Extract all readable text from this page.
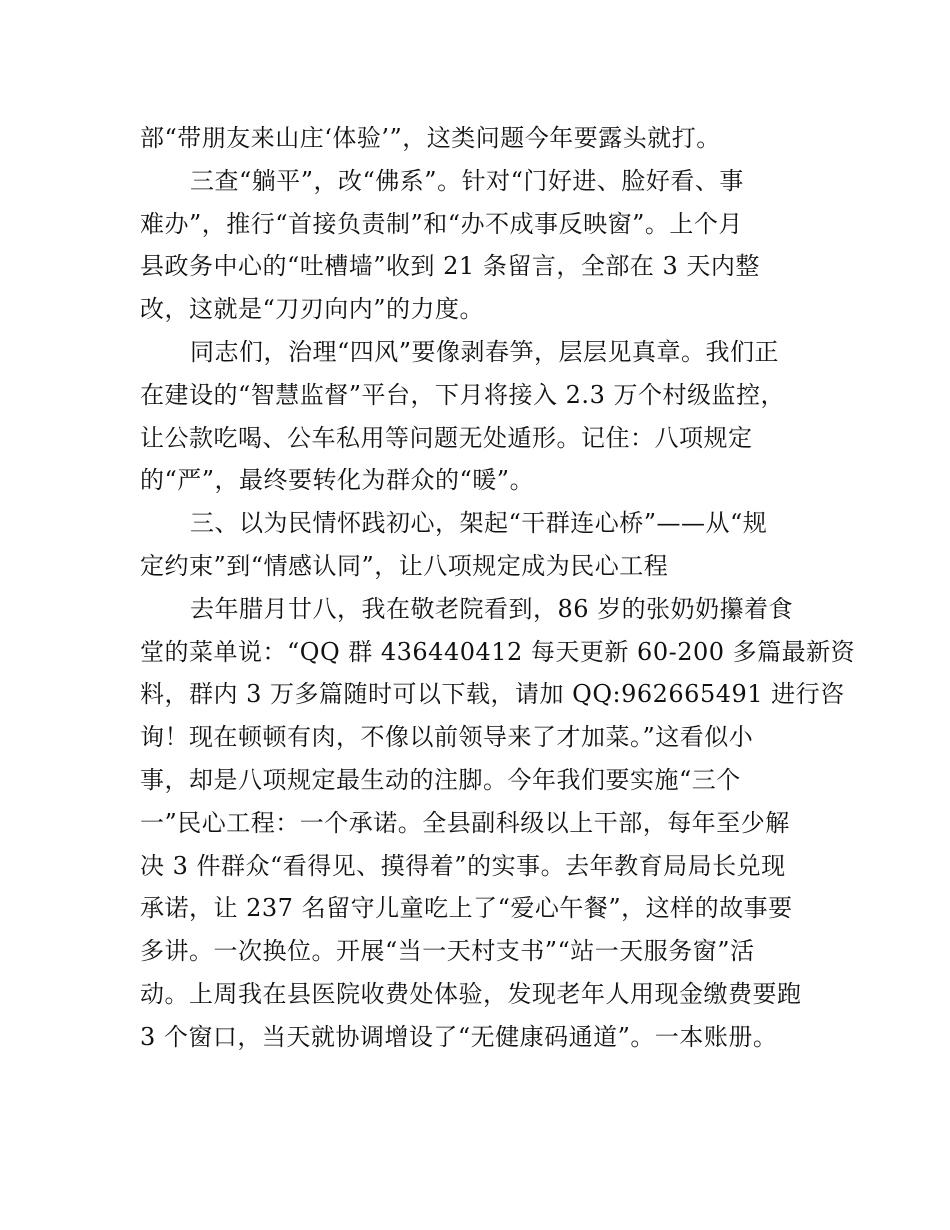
部“带朋友来山庄‘体验’”，这类问题今年要露头就打。
三查“躺平”，改“佛系”。针对“门好进、脸好看、事
难办”，推行“首接负责制”和“办不成事反映窗”。上个月
县政务中心的“吐槽墙”收到 21 条留言，全部在 3 天内整
改，这就是“刀刃向内”的力度。
同志们，治理“四风”要像剥春笋，层层见真章。我们正
在建设的“智慧监督”平台，下月将接入 2.3 万个村级监控，
让公款吃喝、公车私用等问题无处遁形。记住：八项规定
的“严”，最终要转化为群众的“暖”。
三、以为民情怀践初心，架起“干群连心桥”——从“规
定约束”到“情感认同”，让八项规定成为民心工程
去年腊月廿八，我在敬老院看到，86 岁的张奶奶攥着食
堂的菜单说：“QQ 群 436440412 每天更新 60-200 多篇最新资
料，群内 3 万多篇随时可以下载，请加 QQ:962665491 进行咨
询！现在顿顿有肉，不像以前领导来了才加菜。”这看似小
事，却是八项规定最生动的注脚。今年我们要实施“三个
一”民心工程：一个承诺。全县副科级以上干部，每年至少解
决 3 件群众“看得见、摸得着”的实事。去年教育局局长兑现
承诺，让 237 名留守儿童吃上了“爱心午餐”，这样的故事要
多讲。一次换位。开展“当一天村支书”“站一天服务窗”活
动。上周我在县医院收费处体验，发现老年人用现金缴费要跑
3 个窗口，当天就协调增设了“无健康码通道”。一本账册。
